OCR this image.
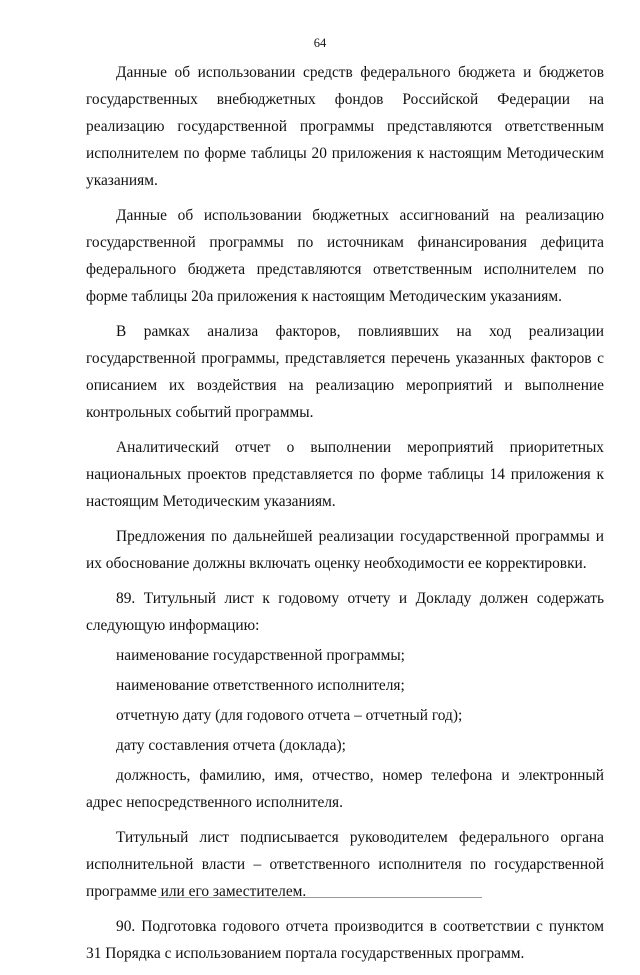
64

Данные об использовании средств федерального бюджета и бюджетов государственных внебюджетных фондов Российской Федерации на реализацию государственной программы представляются ответственным исполнителем по форме таблицы 20 приложения к настоящим Методическим указаниям.

Данные об использовании бюджетных ассигнований на реализацию государственной программы по источникам финансирования дефицита федерального бюджета представляются ответственным исполнителем по форме таблицы 20а приложения к настоящим Методическим указаниям.

В рамках анализа факторов, повлиявших на ход реализации государственной программы, представляется перечень указанных факторов с описанием их воздействия на реализацию мероприятий и выполнение контрольных событий программы.

Аналитический отчет о выполнении мероприятий приоритетных национальных проектов представляется по форме таблицы 14 приложения к настоящим Методическим указаниям.

Предложения по дальнейшей реализации государственной программы и их обоснование должны включать оценку необходимости ее корректировки.

89. Титульный лист к годовому отчету и Докладу должен содержать следующую информацию:

наименование государственной программы;

наименование ответственного исполнителя;

отчетную дату (для годового отчета – отчетный год);

дату составления отчета (доклада);

должность, фамилию, имя, отчество, номер телефона и электронный адрес непосредственного исполнителя.

Титульный лист подписывается руководителем федерального органа исполнительной власти – ответственного исполнителя по государственной программе или его заместителем.

90. Подготовка годового отчета производится в соответствии с пунктом 31 Порядка с использованием портала государственных программ.
